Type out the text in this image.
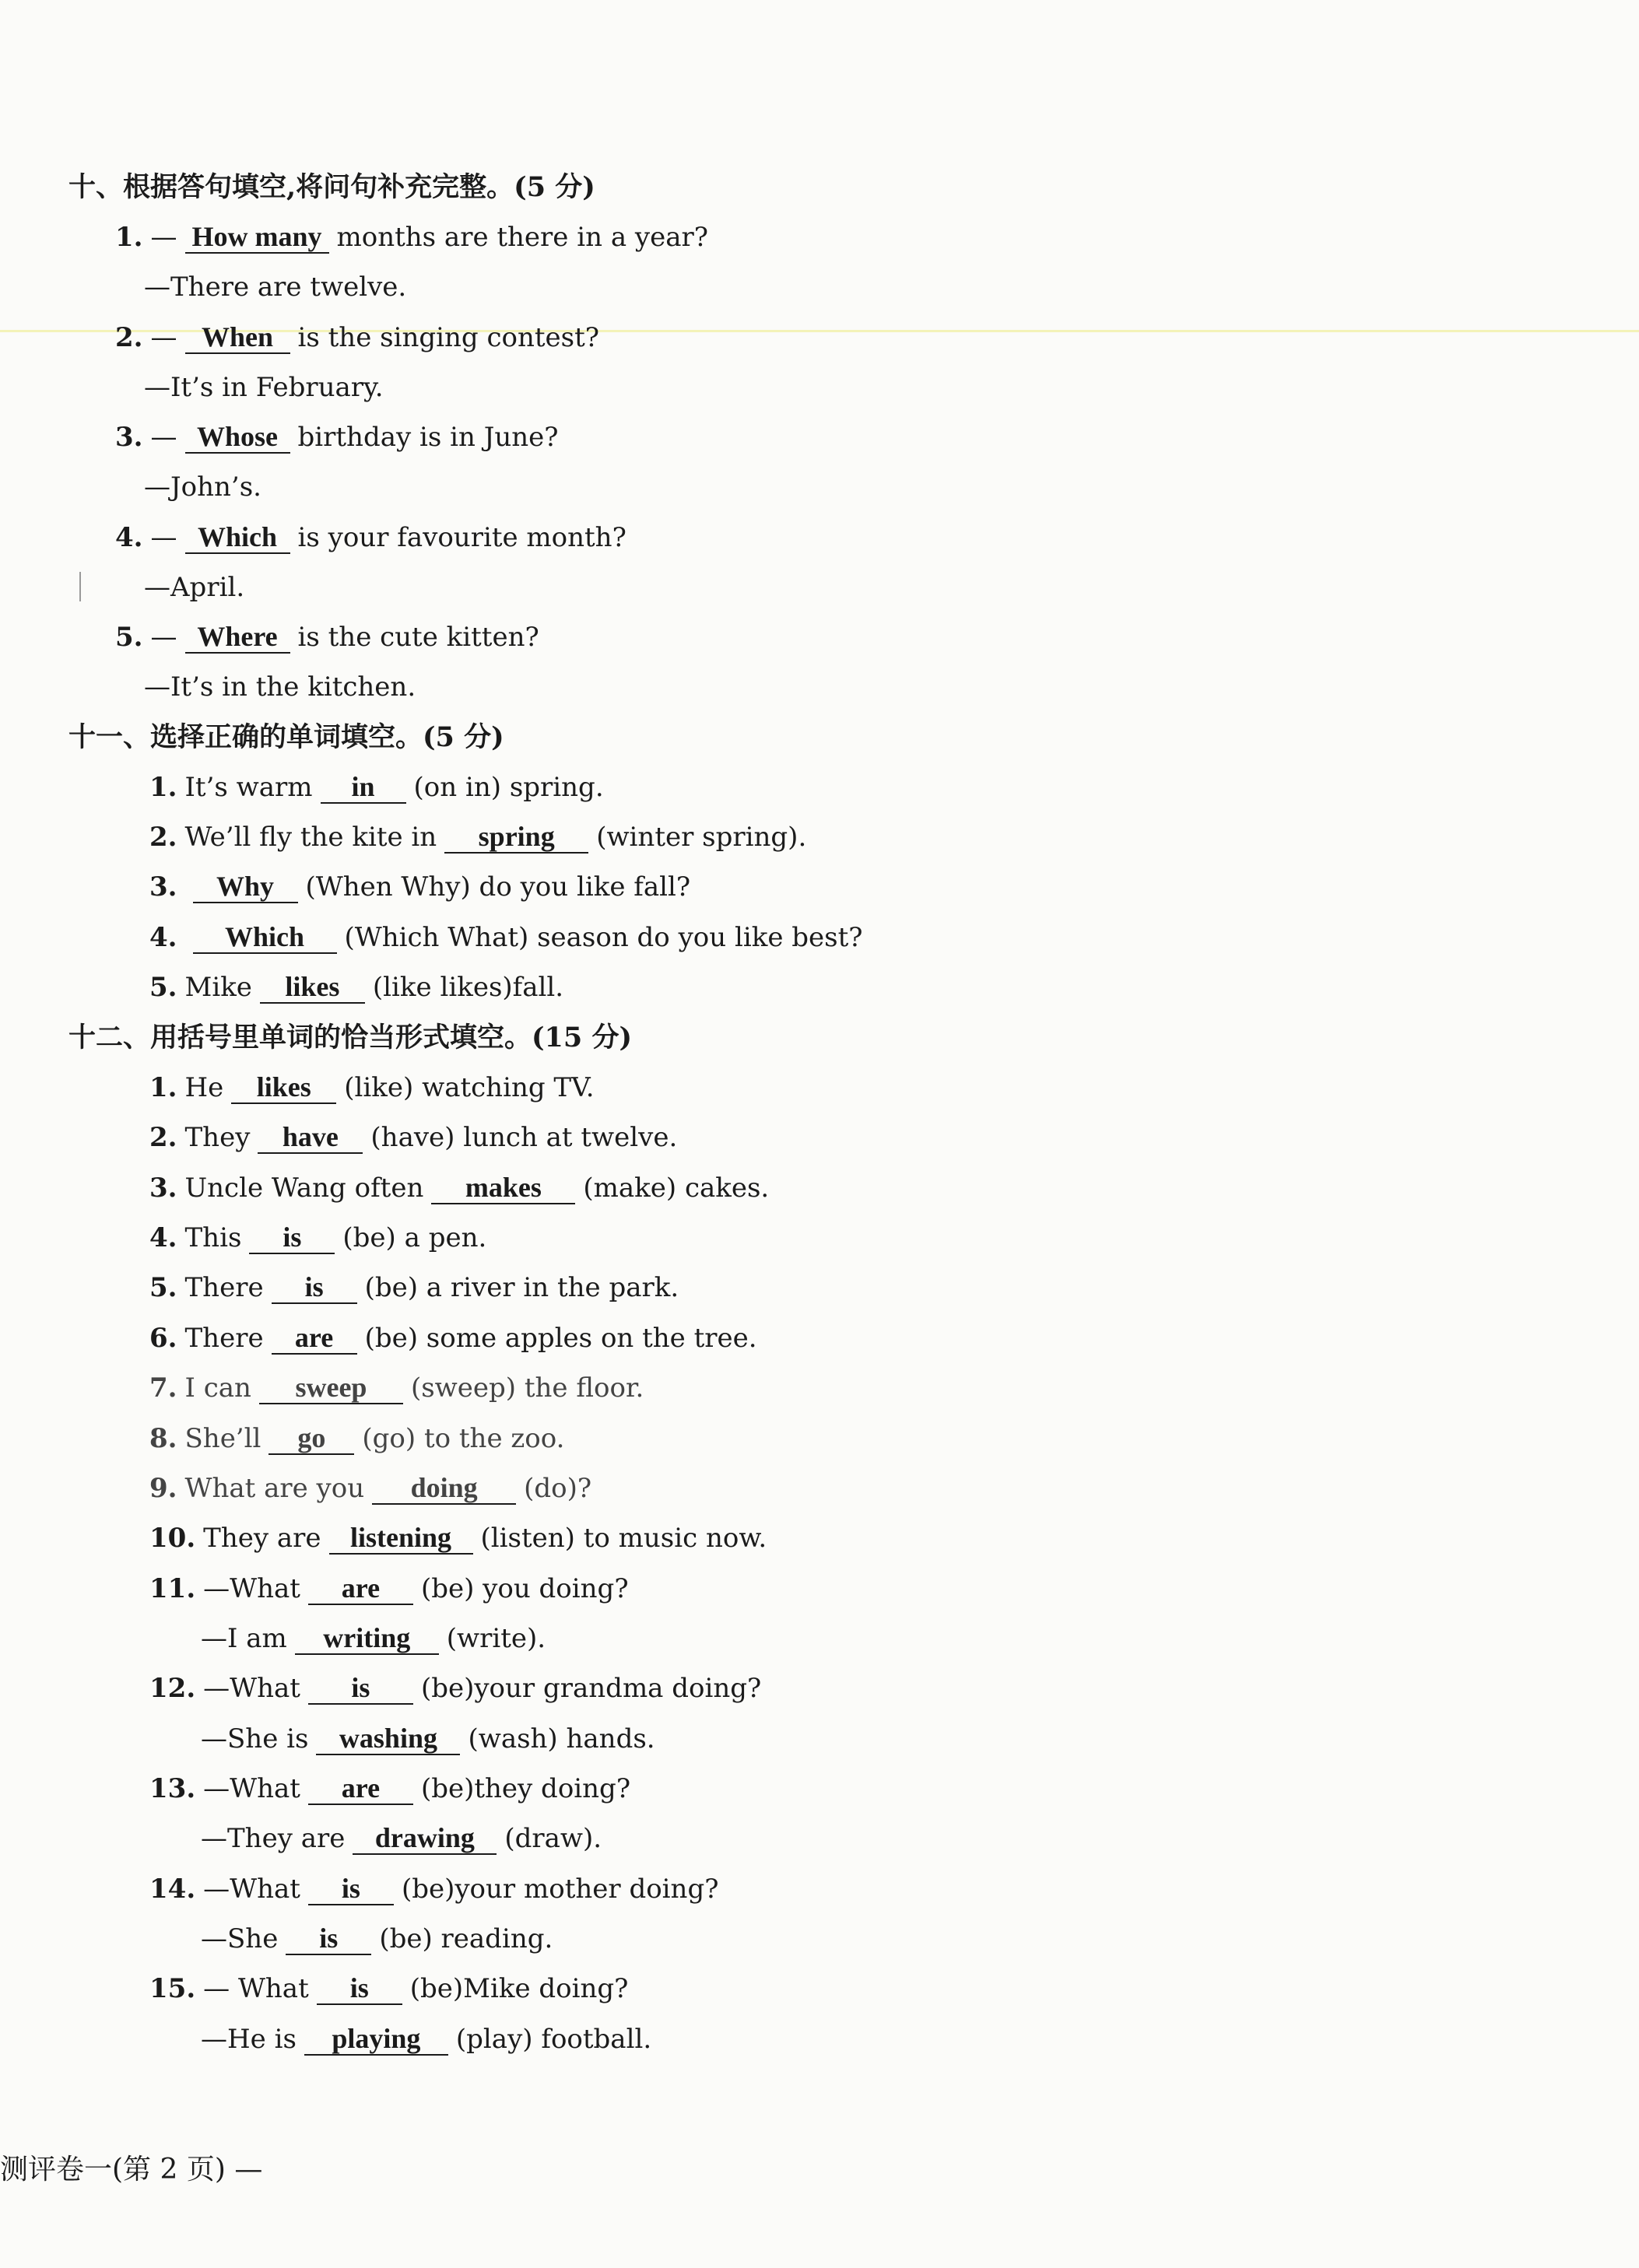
十、根据答句填空,将问句补充完整。(5 分)
1. — How many months are there in a year?
—There are twelve.
2. — When is the singing contest?
—It’s in February.
3. — Whose birthday is in June?
—John’s.
4. — Which is your favourite month?
—April.
5. — Where is the cute kitten?
—It’s in the kitchen.
十一、选择正确的单词填空。(5 分)
1. It’s warm in (on in) spring.
2. We’ll fly the kite in spring (winter spring).
3. Why (When Why) do you like fall?
4. Which (Which What) season do you like best?
5. Mike likes (like likes)fall.
十二、用括号里单词的恰当形式填空。(15 分)
1. He likes (like) watching TV.
2. They have (have) lunch at twelve.
3. Uncle Wang often makes (make) cakes.
4. This is (be) a pen.
5. There is (be) a river in the park.
6. There are (be) some apples on the tree.
7. I can sweep (sweep) the floor.
8. She’ll go (go) to the zoo.
9. What are you doing (do)?
10. They are listening (listen) to music now.
11. —What are (be) you doing?
—I am writing (write).
12. —What is (be)your grandma doing?
—She is washing (wash) hands.
13. —What are (be)they doing?
—They are drawing (draw).
14. —What is (be)your mother doing?
—She is (be) reading.
15. — What is (be)Mike doing?
—He is playing (play) football.
测评卷一(第 2 页) —
